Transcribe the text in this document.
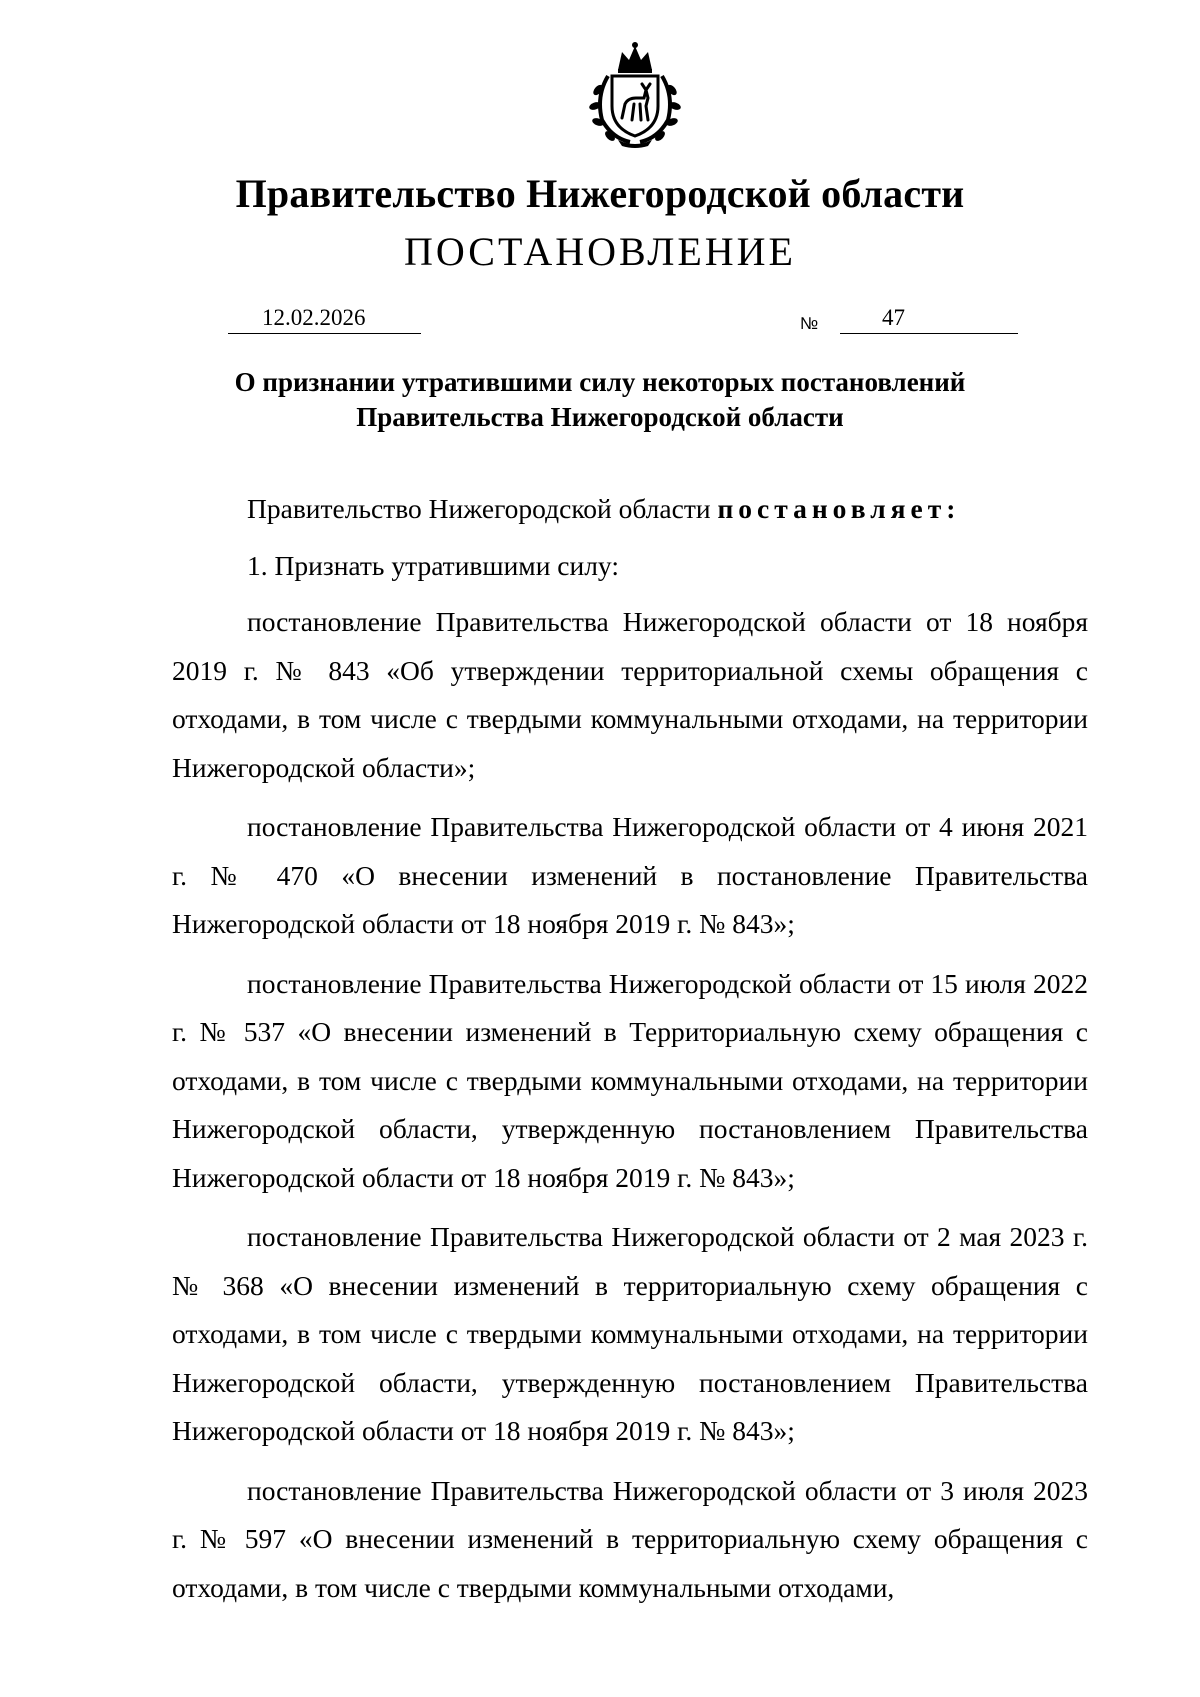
Правительство Нижегородской области
ПОСТАНОВЛЕНИЕ
12.02.2026	№	47
О признании утратившими силу некоторых постановлений
Правительства Нижегородской области

Правительство Нижегородской области постановляет:

1. Признать утратившими силу:

постановление Правительства Нижегородской области от 18 ноября 2019 г. № 843 «Об утверждении территориальной схемы обращения с отходами, в том числе с твердыми коммунальными отходами, на территории Нижегородской области»;

постановление Правительства Нижегородской области от 4 июня 2021 г. № 470 «О внесении изменений в постановление Правительства Нижегородской области от 18 ноября 2019 г. № 843»;

постановление Правительства Нижегородской области от 15 июля 2022 г. № 537 «О внесении изменений в Территориальную схему обращения с отходами, в том числе с твердыми коммунальными отходами, на территории Нижегородской области, утвержденную постановлением Правительства Нижегородской области от 18 ноября 2019 г. № 843»;

постановление Правительства Нижегородской области от 2 мая 2023 г. № 368 «О внесении изменений в территориальную схему обращения с отходами, в том числе с твердыми коммунальными отходами, на территории Нижегородской области, утвержденную постановлением Правительства Нижегородской области от 18 ноября 2019 г. № 843»;

постановление Правительства Нижегородской области от 3 июля 2023 г. № 597 «О внесении изменений в территориальную схему обращения с отходами, в том числе с твердыми коммунальными отходами,
